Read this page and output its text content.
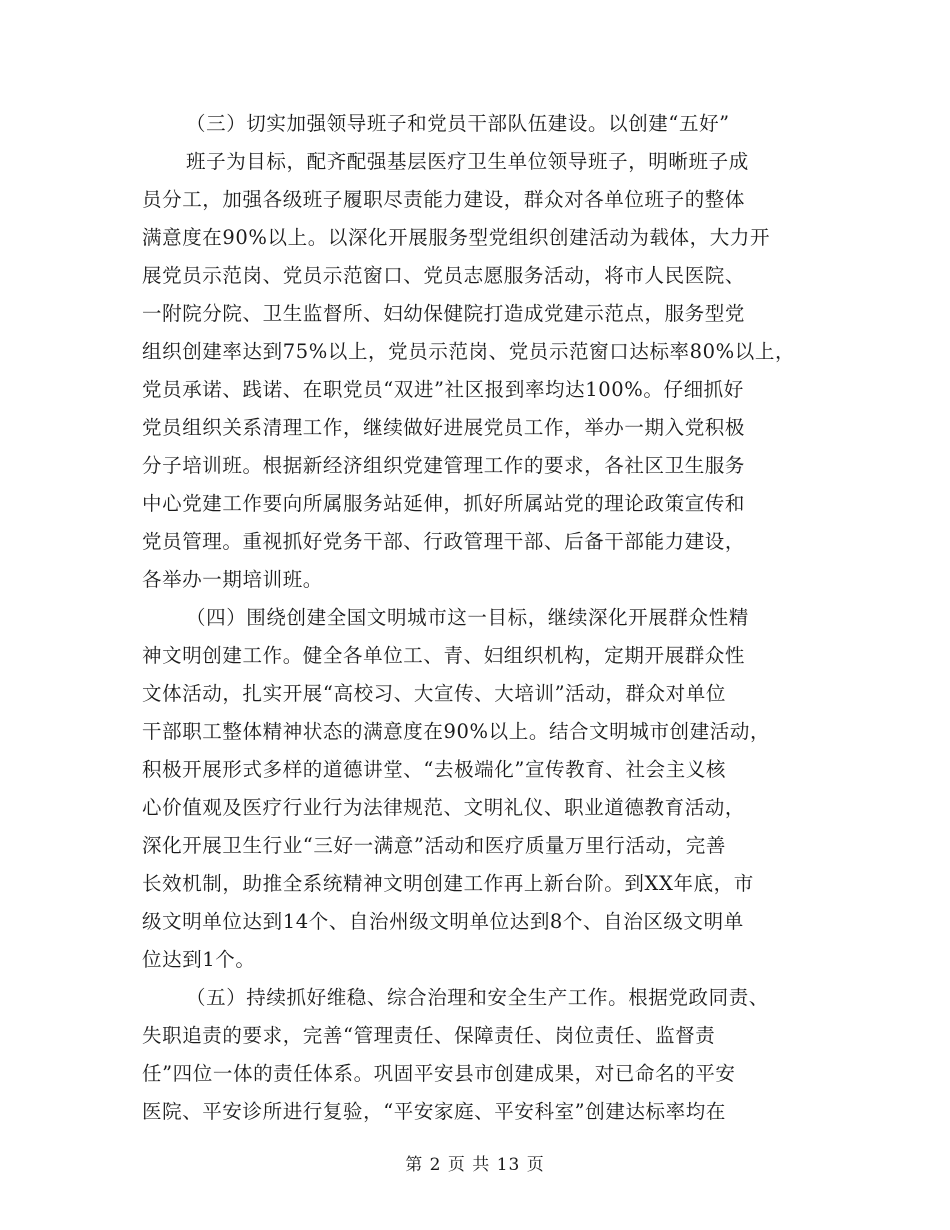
（三）切实加强领导班子和党员干部队伍建设。以创建“五好”
班子为目标，配齐配强基层医疗卫生单位领导班子，明晰班子成
员分工，加强各级班子履职尽责能力建设，群众对各单位班子的整体
满意度在90%以上。以深化开展服务型党组织创建活动为载体，大力开
展党员示范岗、党员示范窗口、党员志愿服务活动，将市人民医院、
一附院分院、卫生监督所、妇幼保健院打造成党建示范点，服务型党
组织创建率达到75%以上，党员示范岗、党员示范窗口达标率80%以上，
党员承诺、践诺、在职党员“双进”社区报到率均达100%。仔细抓好
党员组织关系清理工作，继续做好进展党员工作，举办一期入党积极
分子培训班。根据新经济组织党建管理工作的要求，各社区卫生服务
中心党建工作要向所属服务站延伸，抓好所属站党的理论政策宣传和
党员管理。重视抓好党务干部、行政管理干部、后备干部能力建设，
各举办一期培训班。
（四）围绕创建全国文明城市这一目标，继续深化开展群众性精
神文明创建工作。健全各单位工、青、妇组织机构，定期开展群众性
文体活动，扎实开展“高校习、大宣传、大培训”活动，群众对单位
干部职工整体精神状态的满意度在90%以上。结合文明城市创建活动，
积极开展形式多样的道德讲堂、“去极端化”宣传教育、社会主义核
心价值观及医疗行业行为法律规范、文明礼仪、职业道德教育活动，
深化开展卫生行业“三好一满意”活动和医疗质量万里行活动，完善
长效机制，助推全系统精神文明创建工作再上新台阶。到XX年底，市
级文明单位达到14个、自治州级文明单位达到8个、自治区级文明单
位达到1个。
（五）持续抓好维稳、综合治理和安全生产工作。根据党政同责、
失职追责的要求，完善“管理责任、保障责任、岗位责任、监督责
任”四位一体的责任体系。巩固平安县市创建成果，对已命名的平安
医院、平安诊所进行复验，“平安家庭、平安科室”创建达标率均在
第 2 页 共 13 页
